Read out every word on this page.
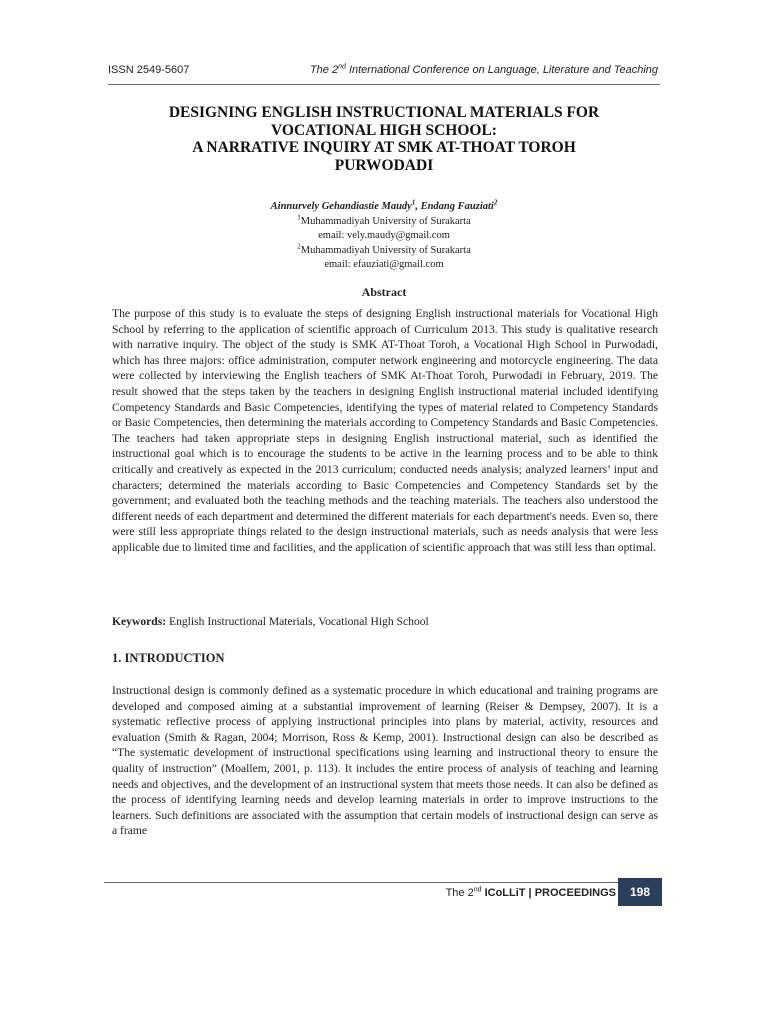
ISSN 2549-5607	The 2nd International Conference on Language, Literature and Teaching
DESIGNING ENGLISH INSTRUCTIONAL MATERIALS FOR
VOCATIONAL HIGH SCHOOL:
A NARRATIVE INQUIRY AT SMK AT-THOAT TOROH
PURWODADI
Ainnurvely Gehandiastie Maudy$^1$, Endang Fauziati$^2$
$^1$Muhammadiyah University of Surakarta
email: vely.maudy@gmail.com
$^2$Muhammadiyah University of Surakarta
email: efauziati@gmail.com
Abstract
The purpose of this study is to evaluate the steps of designing English instructional materials for Vocational High School by referring to the application of scientific approach of Curriculum 2013. This study is qualitative research with narrative inquiry. The object of the study is SMK AT-Thoat Toroh, a Vocational High School in Purwodadi, which has three majors: office administration, computer network engineering and motorcycle engineering. The data were collected by interviewing the English teachers of SMK At-Thoat Toroh, Purwodadi in February, 2019. The result showed that the steps taken by the teachers in designing English instructional material included identifying Competency Standards and Basic Competencies, identifying the types of material related to Competency Standards or Basic Competencies, then determining the materials according to Competency Standards and Basic Competencies. The teachers had taken appropriate steps in designing English instructional material, such as identified the instructional goal which is to encourage the students to be active in the learning process and to be able to think critically and creatively as expected in the 2013 curriculum; conducted needs analysis; analyzed learners’ input and characters; determined the materials according to Basic Competencies and Competency Standards set by the government; and evaluated both the teaching methods and the teaching materials. The teachers also understood the different needs of each department and determined the different materials for each department's needs. Even so, there were still less appropriate things related to the design instructional materials, such as needs analysis that were less applicable due to limited time and facilities, and the application of scientific approach that was still less than optimal.
Keywords: English Instructional Materials, Vocational High School
1. INTRODUCTION
Instructional design is commonly defined as a systematic procedure in which educational and training programs are developed and composed aiming at a substantial improvement of learning (Reiser & Dempsey, 2007). It is a systematic reflective process of applying instructional principles into plans by material, activity, resources and evaluation (Smith & Ragan, 2004; Morrison, Ross & Kemp, 2001). Instructional design can also be described as “The systematic development of instructional specifications using learning and instructional theory to ensure the quality of instruction” (Moallem, 2001, p. 113). It includes the entire process of analysis of teaching and learning needs and objectives, and the development of an instructional system that meets those needs. It can also be defined as the process of identifying learning needs and develop learning materials in order to improve instructions to the learners. Such definitions are associated with the assumption that certain models of instructional design can serve as a frame
The 2nd ICoLLiT | PROCEEDINGS	198
